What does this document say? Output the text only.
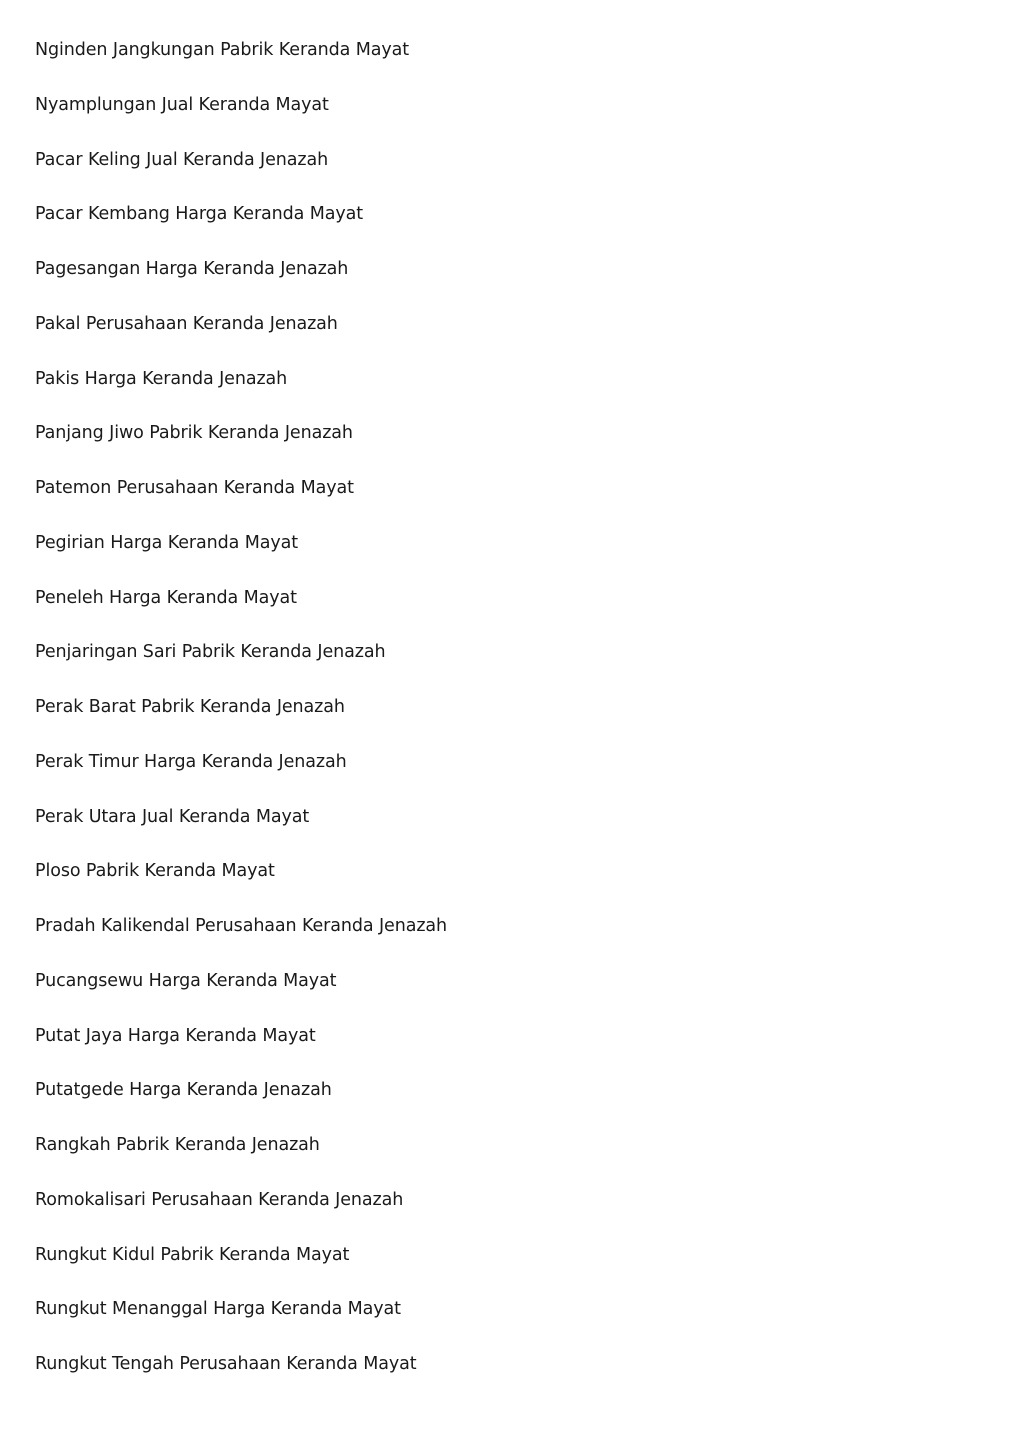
Nginden Jangkungan Pabrik Keranda Mayat
Nyamplungan Jual Keranda Mayat
Pacar Keling Jual Keranda Jenazah
Pacar Kembang Harga Keranda Mayat
Pagesangan Harga Keranda Jenazah
Pakal Perusahaan Keranda Jenazah
Pakis Harga Keranda Jenazah
Panjang Jiwo Pabrik Keranda Jenazah
Patemon Perusahaan Keranda Mayat
Pegirian Harga Keranda Mayat
Peneleh Harga Keranda Mayat
Penjaringan Sari Pabrik Keranda Jenazah
Perak Barat Pabrik Keranda Jenazah
Perak Timur Harga Keranda Jenazah
Perak Utara Jual Keranda Mayat
Ploso Pabrik Keranda Mayat
Pradah Kalikendal Perusahaan Keranda Jenazah
Pucangsewu Harga Keranda Mayat
Putat Jaya Harga Keranda Mayat
Putatgede Harga Keranda Jenazah
Rangkah Pabrik Keranda Jenazah
Romokalisari Perusahaan Keranda Jenazah
Rungkut Kidul Pabrik Keranda Mayat
Rungkut Menanggal Harga Keranda Mayat
Rungkut Tengah Perusahaan Keranda Mayat
